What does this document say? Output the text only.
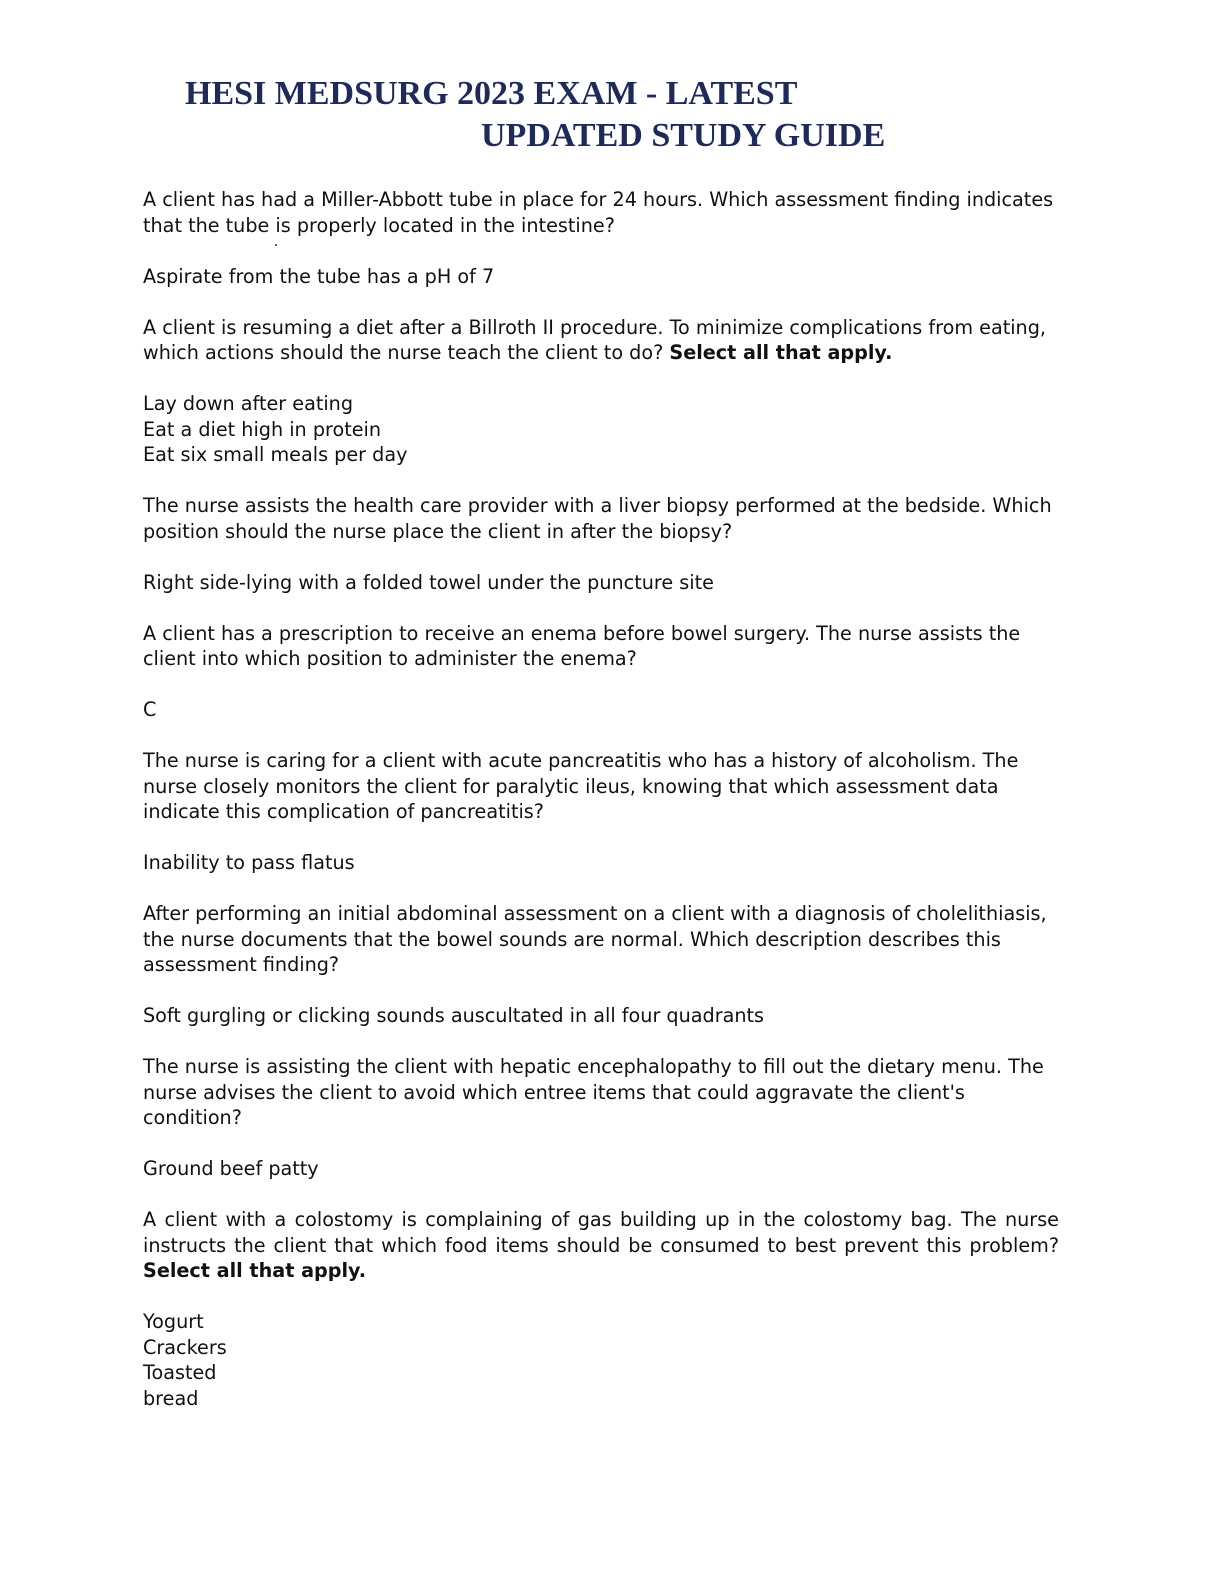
HESI MEDSURG 2023 EXAM - LATEST
UPDATED STUDY GUIDE

A client has had a Miller-Abbott tube in place for 24 hours. Which assessment finding indicates that the tube is properly located in the intestine?

Aspirate from the tube has a pH of 7

A client is resuming a diet after a Billroth II procedure. To minimize complications from eating, which actions should the nurse teach the client to do? Select all that apply.

Lay down after eating
Eat a diet high in protein
Eat six small meals per day

The nurse assists the health care provider with a liver biopsy performed at the bedside. Which position should the nurse place the client in after the biopsy?

Right side-lying with a folded towel under the puncture site

A client has a prescription to receive an enema before bowel surgery. The nurse assists the client into which position to administer the enema?

C

The nurse is caring for a client with acute pancreatitis who has a history of alcoholism. The nurse closely monitors the client for paralytic ileus, knowing that which assessment data indicate this complication of pancreatitis?

Inability to pass flatus

After performing an initial abdominal assessment on a client with a diagnosis of cholelithiasis, the nurse documents that the bowel sounds are normal. Which description describes this assessment finding?

Soft gurgling or clicking sounds auscultated in all four quadrants

The nurse is assisting the client with hepatic encephalopathy to fill out the dietary menu. The nurse advises the client to avoid which entree items that could aggravate the client's condition?

Ground beef patty

A client with a colostomy is complaining of gas building up in the colostomy bag. The nurse instructs the client that which food items should be consumed to best prevent this problem? Select all that apply.

Yogurt
Crackers
Toasted
bread
